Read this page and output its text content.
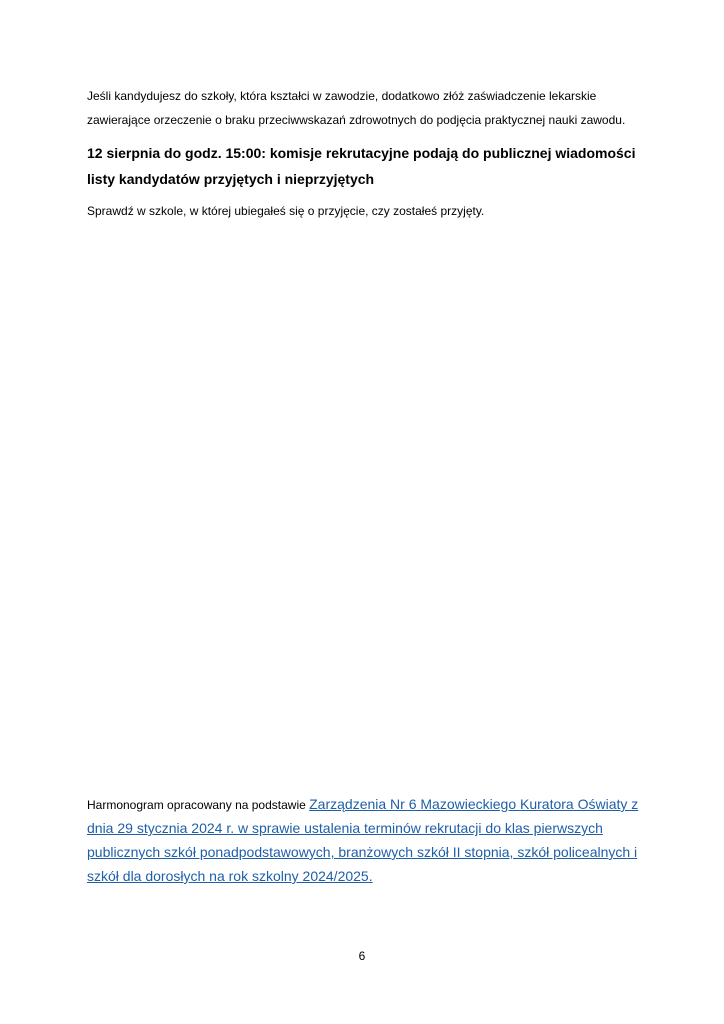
Jeśli kandydujesz do szkoły, która kształci w zawodzie, dodatkowo złóż zaświadczenie lekarskie zawierające orzeczenie o braku przeciwwskazań zdrowotnych do podjęcia praktycznej nauki zawodu.

12 sierpnia do godz. 15:00: komisje rekrutacyjne podają do publicznej wiadomości listy kandydatów przyjętych i nieprzyjętych

Sprawdź w szkole, w której ubiegałeś się o przyjęcie, czy zostałeś przyjęty.

Harmonogram opracowany na podstawie Zarządzenia Nr 6 Mazowieckiego Kuratora Oświaty z dnia 29 stycznia 2024 r. w sprawie ustalenia terminów rekrutacji do klas pierwszych publicznych szkół ponadpodstawowych, branżowych szkół II stopnia, szkół policealnych i szkół dla dorosłych na rok szkolny 2024/2025.

6
